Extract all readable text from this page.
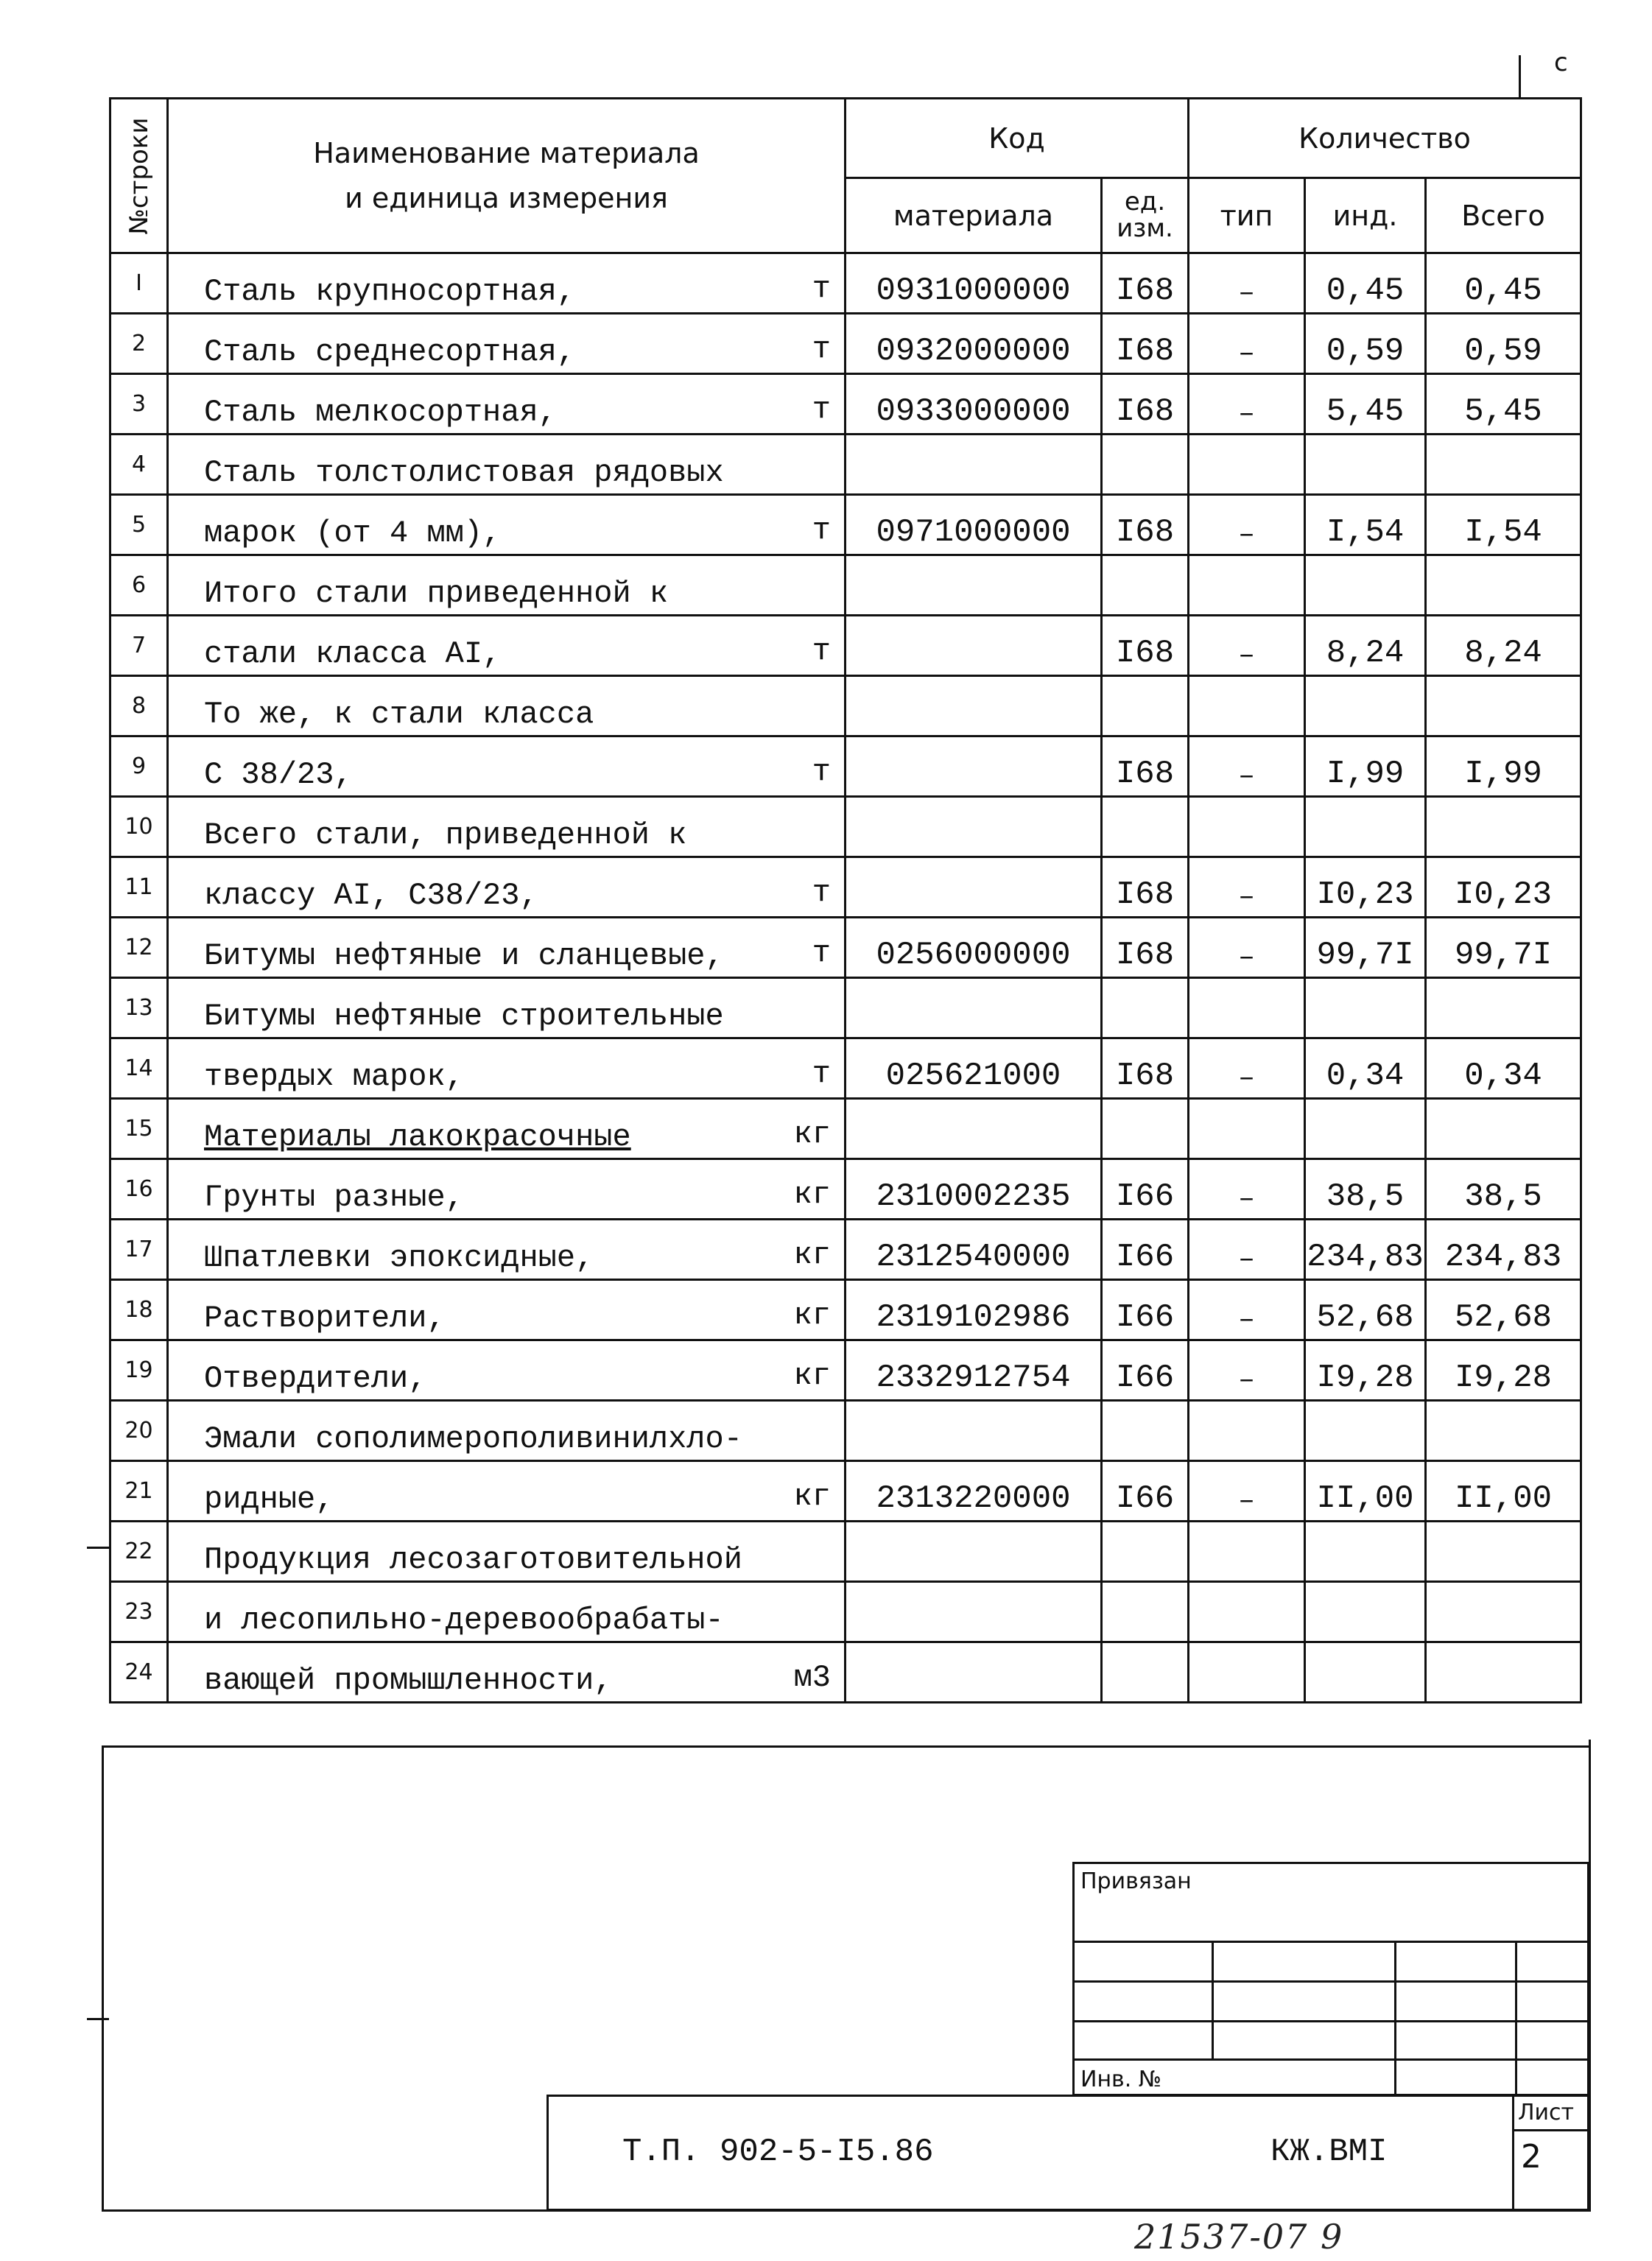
с
№строки	Наименование материала
и единица измерения	Код		Количество		
		материала	ед. изм.	тип	инд.	Всего
I	Сталь крупносортная, т	0931000000	I68	–	0,45	0,45
2	Сталь среднесортная, т	0932000000	I68	–	0,59	0,59
3	Сталь мелкосортная, т	0933000000	I68	–	5,45	5,45
4	Сталь толстолистовая рядовых

5	марок (от 4 мм), т	0971000000	I68	–	I,54	I,54
6	Итого стали приведенной к

7	стали класса AI, т		I68	–	8,24	8,24
8	То же, к стали класса

9	С 38/23, т		I68	–	I,99	I,99
10	Всего стали, приведенной к

11	классу AI, С38/23, т		I68	–	I0,23	I0,23
12	Битумы нефтяные и сланцевые, т	0256000000	I68	–	99,7I	99,7I
13	Битумы нефтяные строительные

14	твердых марок, т	025621000	I68	–	0,34	0,34
15	Материалы лакокрасочные кг					

16	Грунты разные, кг	2310002235	I66	–	38,5	38,5
17	Шпатлевки эпоксидные, кг	2312540000	I66	–	234,83	234,83
18	Растворители, кг	2319102986	I66	–	52,68	52,68
19	Отвердители, кг	2332912754	I66	–	I9,28	I9,28
20	Эмали сополимерополивинилхло-

21	ридные, кг	2313220000	I66	–	II,00	II,00
22	Продукция лесозаготовительной

23	и лесопильно-деревообрабаты-

24	вающей промышленности, м3					

Привязан
Инв. №
Т.П. 902-5-I5.86	КЖ.ВМI
Лист
2
21537-07 9
